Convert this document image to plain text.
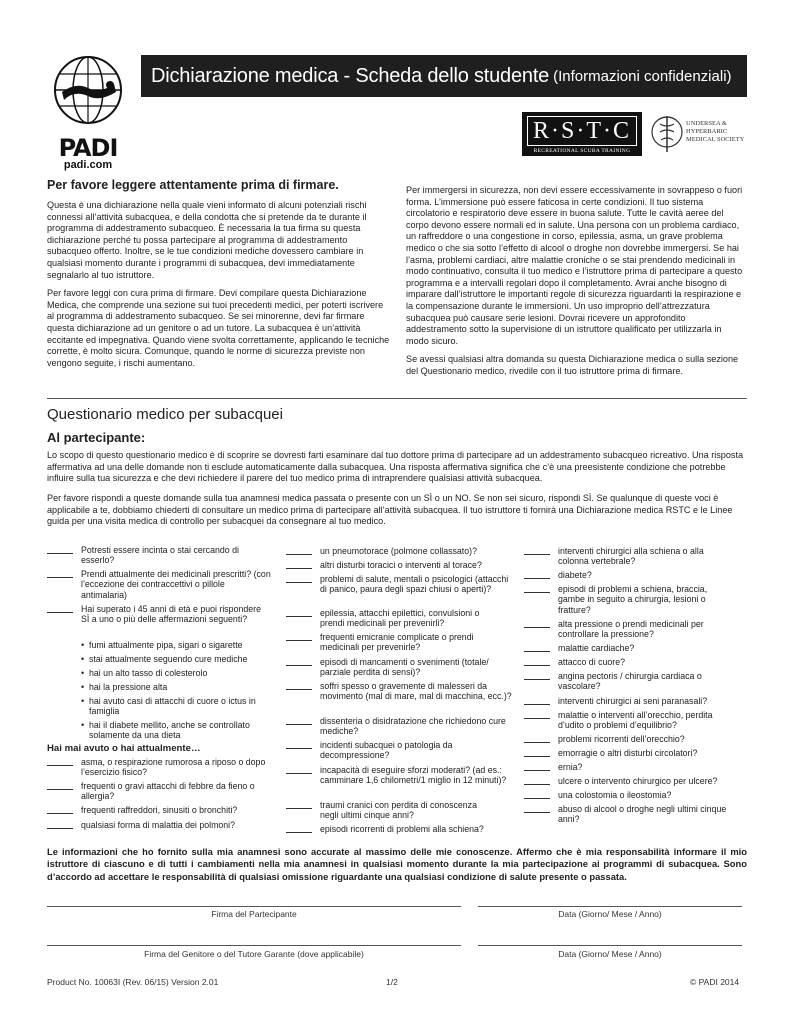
PADI
padi.com
Dichiarazione medica - Scheda dello studente (Informazioni confidenziali)
R·S·T·C
RECREATIONAL SCUBA TRAINING COUNCIL
UNDERSEA &
HYPERBARIC
MEDICAL SOCIETY
Per favore leggere attentamente prima di firmare.
Questa è una dichiarazione nella quale vieni informato di alcuni potenziali rischi connessi all’attività subacquea, e della condotta che si pretende da te durante il programma di addestramento subacqueo. È necessaria la tua firma su questa dichiarazione perché tu possa partecipare al programma di addestramento subacqueo offerto. Inoltre, se le tue condizioni mediche dovessero cambiare in qualsiasi momento durante i programmi di subacquea, devi immediatamente segnalarlo al tuo istruttore.
Per favore leggi con cura prima di firmare. Devi compilare questa Dichiarazione Medica, che comprende una sezione sui tuoi precedenti medici, per poterti iscrivere al programma di addestramento subacqueo. Se sei minorenne, devi far firmare questa dichiarazione ad un genitore o ad un tutore. La subacquea è un’attività eccitante ed impegnativa. Quando viene svolta correttamente, applicando le tecniche corrette, è molto sicura. Comunque, quando le norme di sicurezza previste non vengono seguite, i rischi aumentano.
Per immergersi in sicurezza, non devi essere eccessivamente in sovrappeso o fuori forma. L’immersione può essere faticosa in certe condizioni. Il tuo sistema circolatorio e respiratorio deve essere in buona salute. Tutte le cavità aeree del corpo devono essere normali ed in salute. Una persona con un problema cardiaco, un raffreddore o una congestione in corso, epilessia, asma, un grave problema medico o che sia sotto l’effetto di alcool o droghe non dovrebbe immergersi. Se hai l’asma, problemi cardiaci, altre malattie croniche o se stai prendendo medicinali in modo continuativo, consulta il tuo medico e l’istruttore prima di partecipare a questo programma e a intervalli regolari dopo il completamento. Avrai anche bisogno di imparare dall’istruttore le importanti regole di sicurezza riguardanti la respirazione e la compensazione durante le immersioni. Un uso improprio dell’attrezzatura subacquea può causare serie lesioni. Dovrai ricevere un approfondito addestramento sotto la supervisione di un istruttore qualificato per utilizzarla in modo sicuro.
Se avessi qualsiasi altra domanda su questa Dichiarazione medica o sulla sezione del Questionario medico, rivedile con il tuo istruttore prima di firmare.
Questionario medico per subacquei
Al partecipante:
Lo scopo di questo questionario medico è di scoprire se dovresti farti esaminare dal tuo dottore prima di partecipare ad un addestramento subacqueo ricreativo. Una risposta affermativa ad una delle domande non ti esclude automaticamente dalla subacquea. Una risposta affermativa significa che c’è una preesistente condizione che potrebbe influire sulla tua sicurezza e che devi richiedere il parere del tuo medico prima di intraprendere qualsiasi attività subacquea.
Per favore rispondi a queste domande sulla tua anamnesi medica passata o presente con un SÌ o un NO. Se non sei sicuro, rispondi SÌ. Se qualunque di queste voci è applicabile a te, dobbiamo chiederti di consultare un medico prima di partecipare all’attività subacquea. Il tuo istruttore ti fornirà una Dichiarazione medica RSTC e le Linee guida per una visita medica di controllo per subacquei da consegnare al tuo medico.
Potresti essere incinta o stai cercando di esserlo?
Prendi attualmente dei medicinali prescritti? (con l’eccezione dei contraccettivi o pillole antimalaria)
Hai superato i 45 anni di età e puoi rispondere SÌ a uno o più delle affermazioni seguenti?
• fumi attualmente pipa, sigari o sigarette
• stai attualmente seguendo cure mediche
• hai un alto tasso di colesterolo
• hai la pressione alta
• hai avuto casi di attacchi di cuore o ictus in famiglia
• hai il diabete mellito, anche se controllato solamente da una dieta
Hai mai avuto o hai attualmente…
asma, o respirazione rumorosa a riposo o dopo l’esercizio fisico?
frequenti o gravi attacchi di febbre da fieno o allergia?
frequenti raffreddori, sinusiti o bronchiti?
qualsiasi forma di malattia dei polmoni?
un pneumotorace (polmone collassato)?
altri disturbi toracici o interventi al torace?
problemi di salute, mentali o psicologici (attacchi di panico, paura degli spazi chiusi o aperti)?
epilessia, attacchi epilettici, convulsioni o prendi medicinali per prevenirli?
frequenti emicranie complicate o prendi medicinali per prevenirle?
episodi di mancamenti o svenimenti (totale/ parziale perdita di sensi)?
soffri spesso o gravemente di malesseri da movimento (mal di mare, mal di macchina, ecc.)?
dissenteria o disidratazione che richiedono cure mediche?
incidenti subacquei o patologia da decompressione?
incapacità di eseguire sforzi moderati? (ad es.: camminare 1,6 chilometri/1 miglio in 12 minuti)?
traumi cranici con perdita di conoscenza negli ultimi cinque anni?
episodi ricorrenti di problemi alla schiena?
interventi chirurgici alla schiena o alla colonna vertebrale?
diabete?
episodi di problemi a schiena, braccia, gambe in seguito a chirurgia, lesioni o fratture?
alta pressione o prendi medicinali per controllare la pressione?
malattie cardiache?
attacco di cuore?
angina pectoris / chirurgia cardiaca o vascolare?
interventi chirurgici ai seni paranasali?
malattie o interventi all’orecchio, perdita d’udito o problemi d’equilibrio?
problemi ricorrenti dell’orecchio?
emorragie o altri disturbi circolatori?
ernia?
ulcere o intervento chirurgico per ulcere?
una colostomia o ileostomia?
abuso di alcool o droghe negli ultimi cinque anni?
Le informazioni che ho fornito sulla mia anamnesi sono accurate al massimo delle mie conoscenze. Affermo che è mia responsabilità informare il mio istruttore di ciascuno e di tutti i cambiamenti nella mia anamnesi in qualsiasi momento durante la mia partecipazione ai programmi di subacquea. Sono d’accordo ad accettare le responsabilità di qualsiasi omissione riguardante una qualsiasi condizione di salute presente o passata.
Firma del Partecipante	Data (Giorno/ Mese / Anno)
Firma del Genitore o del Tutore Garante (dove applicabile)	Data (Giorno/ Mese / Anno)
Product No. 10063I (Rev. 06/15) Version 2.01	1/2	© PADI 2014
